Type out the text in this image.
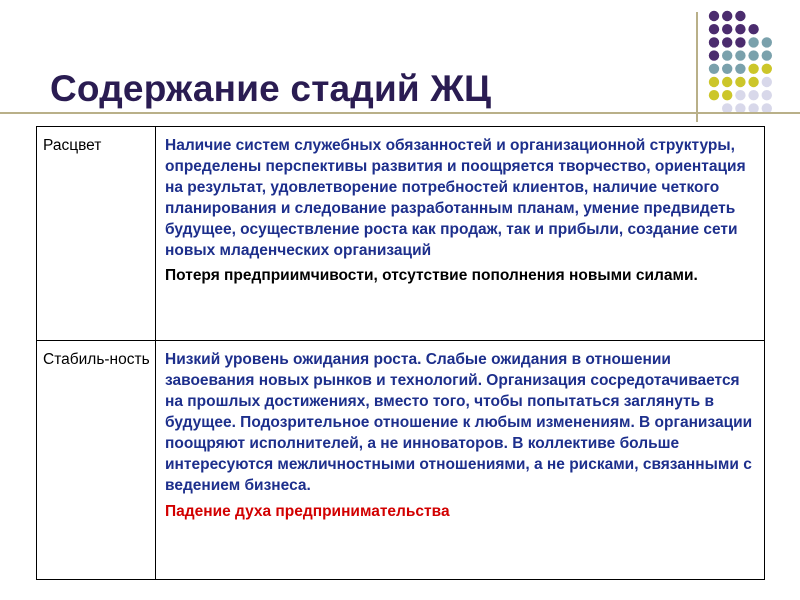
Содержание стадий ЖЦ
Расцвет	Наличие систем служебных обязанностей и организационной структуры, определены перспективы развития и поощряется творчество, ориентация на результат, удовлетворение потребностей клиентов, наличие четкого планирования и следование разработанным планам, умение предвидеть будущее, осуществление роста как продаж, так и прибыли, создание сети новых младенческих организаций

Потеря предприимчивости, отсутствие пополнения новыми силами.

Стабиль-ность	Низкий уровень ожидания роста. Слабые ожидания в отношении завоевания новых рынков и технологий. Организация сосредотачивается на прошлых достижениях, вместо того, чтобы попытаться заглянуть в будущее. Подозрительное отношение к любым изменениям. В организации поощряют исполнителей, а не инноваторов. В коллективе больше интересуются межличностными отношениями, а не рисками, связанными с ведением бизнеса.

Падение духа предпринимательства
